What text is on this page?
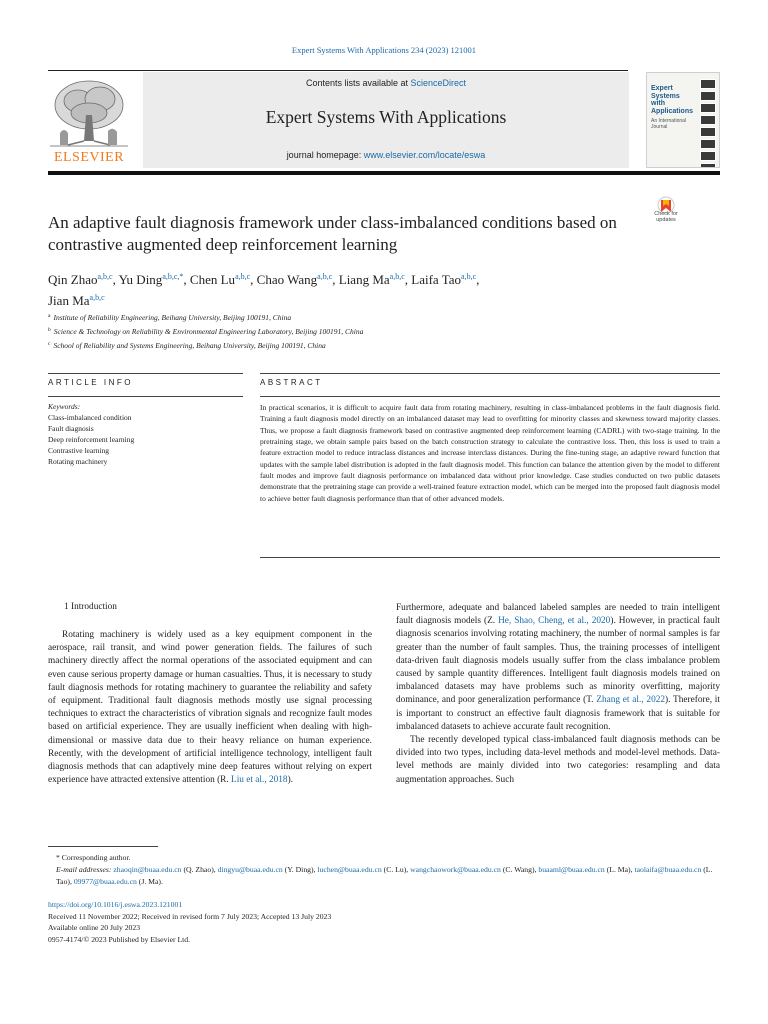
Expert Systems With Applications 234 (2023) 121001
ELSEVIER
Contents lists available at ScienceDirect
Expert Systems With Applications
journal homepage: www.elsevier.com/locate/eswa
Expert Systems with Applications
An International Journal
Check for updates
An adaptive fault diagnosis framework under class-imbalanced conditions based on contrastive augmented deep reinforcement learning
Qin Zhao$^{a,b,c}$, Yu Ding$^{a,b,c,*}$, Chen Lu$^{a,b,c}$, Chao Wang$^{a,b,c}$, Liang Ma$^{a,b,c}$, Laifa Tao$^{a,b,c}$,
Jian Ma$^{a,b,c}$
$^a$ Institute of Reliability Engineering, Beihang University, Beijing 100191, China
$^b$ Science & Technology on Reliability & Environmental Engineering Laboratory, Beijing 100191, China
$^c$ School of Reliability and Systems Engineering, Beihang University, Beijing 100191, China
ARTICLE INFO	ABSTRACT
Keywords:
Class-imbalanced condition
Fault diagnosis
Deep reinforcement learning
Contrastive learning
Rotating machinery
In practical scenarios, it is difficult to acquire fault data from rotating machinery, resulting in class-imbalanced problems in the fault diagnosis field. Training a fault diagnosis model directly on an imbalanced dataset may lead to overfitting for minority classes and skewness toward majority classes. Thus, we propose a fault diagnosis framework based on contrastive augmented deep reinforcement learning (CADRL) with two-stage training. In the pretraining stage, we obtain sample pairs based on the batch construction strategy to calculate the contrastive loss. Then, this loss is used to train a feature extraction model to reduce intraclass distances and increase interclass distances. During the fine-tuning stage, an adaptive reward function that updates with the sample label distribution is adopted in the fault diagnosis model. This function can balance the attention given by the model to different fault modes and improve fault diagnosis performance on imbalanced data without prior knowledge. Case studies conducted on two public datasets demonstrate that the pretraining stage can provide a well-trained feature extraction model, which can be merged into the proposed fault diagnosis model to achieve better fault diagnosis performance than that of other advanced models.
1 Introduction

Rotating machinery is widely used as a key equipment component in the aerospace, rail transit, and wind power generation fields. The failures of such machinery directly affect the normal operations of the associated equipment and can even cause serious property damage or human casualties. Thus, it is necessary to study fault diagnosis methods for rotating machinery to guarantee the reliability and safety of equipment. Traditional fault diagnosis methods mostly use signal processing techniques to extract the characteristics of vibration signals and recognize fault modes based on artificial experience. They are usually inefficient when dealing with high-dimensional or massive data due to their heavy reliance on human experience. Recently, with the development of artificial intelligence technology, intelligent fault diagnosis methods that can adaptively mine deep features without relying on expert experience have attracted extensive attention (R. Liu et al., 2018).

Furthermore, adequate and balanced labeled samples are needed to train intelligent fault diagnosis models (Z. He, Shao, Cheng, et al., 2020). However, in practical fault diagnosis scenarios involving rotating machinery, the number of normal samples is far greater than the number of fault samples. Thus, the training processes of intelligent data-driven fault diagnosis models usually suffer from the class imbalance problem caused by sample quantity differences. Intelligent fault diagnosis models trained on imbalanced datasets may have problems such as minority overfitting, majority dominance, and poor generalization performance (T. Zhang et al., 2022). Therefore, it is important to construct an effective fault diagnosis framework that is suitable for imbalanced datasets to achieve accurate fault recognition.

The recently developed typical class-imbalanced fault diagnosis methods can be divided into two types, including data-level methods and model-level methods. Data-level methods are mainly divided into two categories: resampling and data augmentation approaches. Such

* Corresponding author.
E-mail addresses: zhaoqin@buaa.edu.cn (Q. Zhao), dingyu@buaa.edu.cn (Y. Ding), luchen@buaa.edu.cn (C. Lu), wangchaowork@buaa.edu.cn (C. Wang), buaaml@buaa.edu.cn (L. Ma), taolaifa@buaa.edu.cn (L. Tao), 09977@buaa.edu.cn (J. Ma).
https://doi.org/10.1016/j.eswa.2023.121001
Received 11 November 2022; Received in revised form 7 July 2023; Accepted 13 July 2023
Available online 20 July 2023
0957-4174/© 2023 Published by Elsevier Ltd.
